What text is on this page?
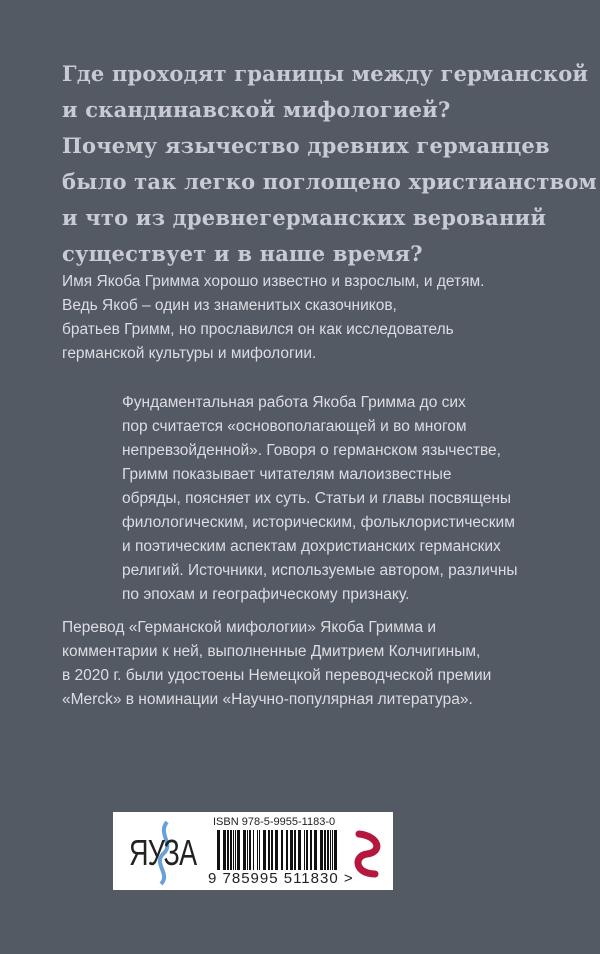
Где проходят границы между германской
и скандинавской мифологией?
Почему язычество древних германцев
было так легко поглощено христианством
и что из древнегерманских верований
существует и в наше время?
Имя Якоба Гримма хорошо известно и взрослым, и детям.
Ведь Якоб – один из знаменитых сказочников,
братьев Гримм, но прославился он как исследователь
германской культуры и мифологии.
Фундаментальная работа Якоба Гримма до сих
пор считается «основополагающей и во многом
непревзойденной». Говоря о германском язычестве,
Гримм показывает читателям малоизвестные
обряды, поясняет их суть. Статьи и главы посвящены
филологическим, историческим, фольклористическим
и поэтическим аспектам дохристианских германских
религий. Источники, используемые автором, различны
по эпохам и географическому признаку.
Перевод «Германской мифологии» Якоба Гримма и
комментарии к ней, выполненные Дмитрием Колчигиным,
в 2020 г. были удостоены Немецкой переводческой премии
«Merck» в номинации «Научно-популярная литература».
ЯУЗА
ISBN 978-5-9955-1183-0
9 785995 511830 >
